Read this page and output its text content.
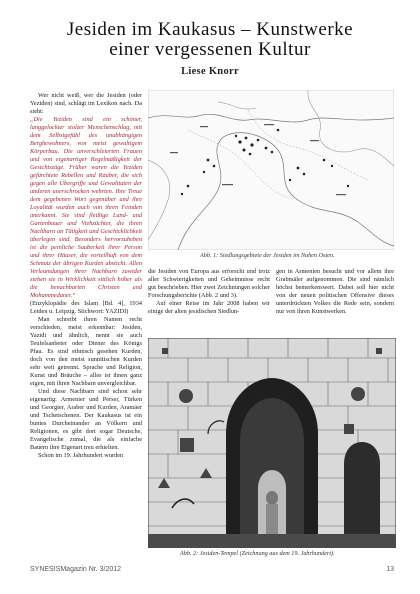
Jesiden im Kaukasus – Kunstwerke
einer vergessenen Kultur
Liese Knorr

Wer nicht weiß, wer die Jesiden (oder Yeziden) sind, schlägt im Lexikon nach. Da steht:

„Die Yeziden sind ein schöner, langgelockter stolzer Menschenschlag, mit dem Selbstgefühl des unabhängigen Berghewohners, von meist gewaltigem Körperbau. Die unverschleierten Frauen und von eigenartiger Regelmäßigkeit der Gesichtszüge. Früher waren die Yeziden gefürchtete Rebellen und Räuber, die sich gegen alle Übergriffe und Gewalttaten der anderen unerschrocken wehrten. Ihre Treue dem gegebenen Wort gegenüber und ihre Loyalität wurden auch von ihren Feinden anerkannt. Sie sind fleißige Land- und Gartenbauer und Viehzüchter, die ihren Nachbarn an Tätigkeit und Geschicklichkeit überlegen sind. Besonders hervorzuheben ist die peinliche Sauberkeit ihrer Person und ihrer Häuser, die vorteilhaft von dem Schmutz der übrigen Kurden absticht. Allen Verleumdungen ihrer Nachbarn zuwider stehen sie in Wirklichkeit sittlich höher als die benachbarten Christen und Mohammedaner.“

(Enzyklopädie des Islam [Bd. 4], 1934 Leiden u. Leipzig. Stichwort: YAZIDI)

Man schreibt ihren Namen recht verschieden, meist erkennbar: Jesiden, Yazidi und ähnlich, nennt sie auch Teufelsanbeter oder Diener des Königs Pfau. Es sind ethnisch gesehen Kurden, doch von den meist sunnitischen Kurden sehr weit getrennt. Sprache und Religion, Kunst und Bräuche – alles ist ihnen ganz eigen, mit ihren Nachbarn unvergleichbar.

Und diese Nachbarn sind schon sehr eigenartig: Armenier und Perser, Türken und Georgier, Araber und Kurden, Aramäer und Tschetschenen. Der Kaukasus ist ein buntes Durcheinander an Völkern und Religionen, es gibt dort sogar Deutsche, Evangelische zumal, die als einfache Bauern ihre Eigenart treu erhielten.

Schon im 19. Jahrhundert wurden

Abb. 1: Siedlungsgebiete der Jesiden im Nahen Osten.

die Jesiden von Europa aus erforscht und trotz aller Schwierigkeiten und Geheimnisse recht gut beschrieben. Hier zwei Zeichnungen solcher Forschungsberichte (Abb. 2 und 3).

Auf einer Reise im Jahr 2008 haben wir einige der alten jesidischen Siedlun-

gen in Armenien besucht und vor allem ihre Grabmäler aufgenommen. Die sind nämlich höchst bemerkenswert. Dabei soll hier nicht von der neuen politischen Offensive dieses unterdrückten Volkes die Rede sein, sondern nur von ihren Kunstwerken.

Abb. 2: Jesiden-Tempel (Zeichnung aus dem 19. Jahrhundert).
SYNESISMagazin Nr. 3/2012	13
